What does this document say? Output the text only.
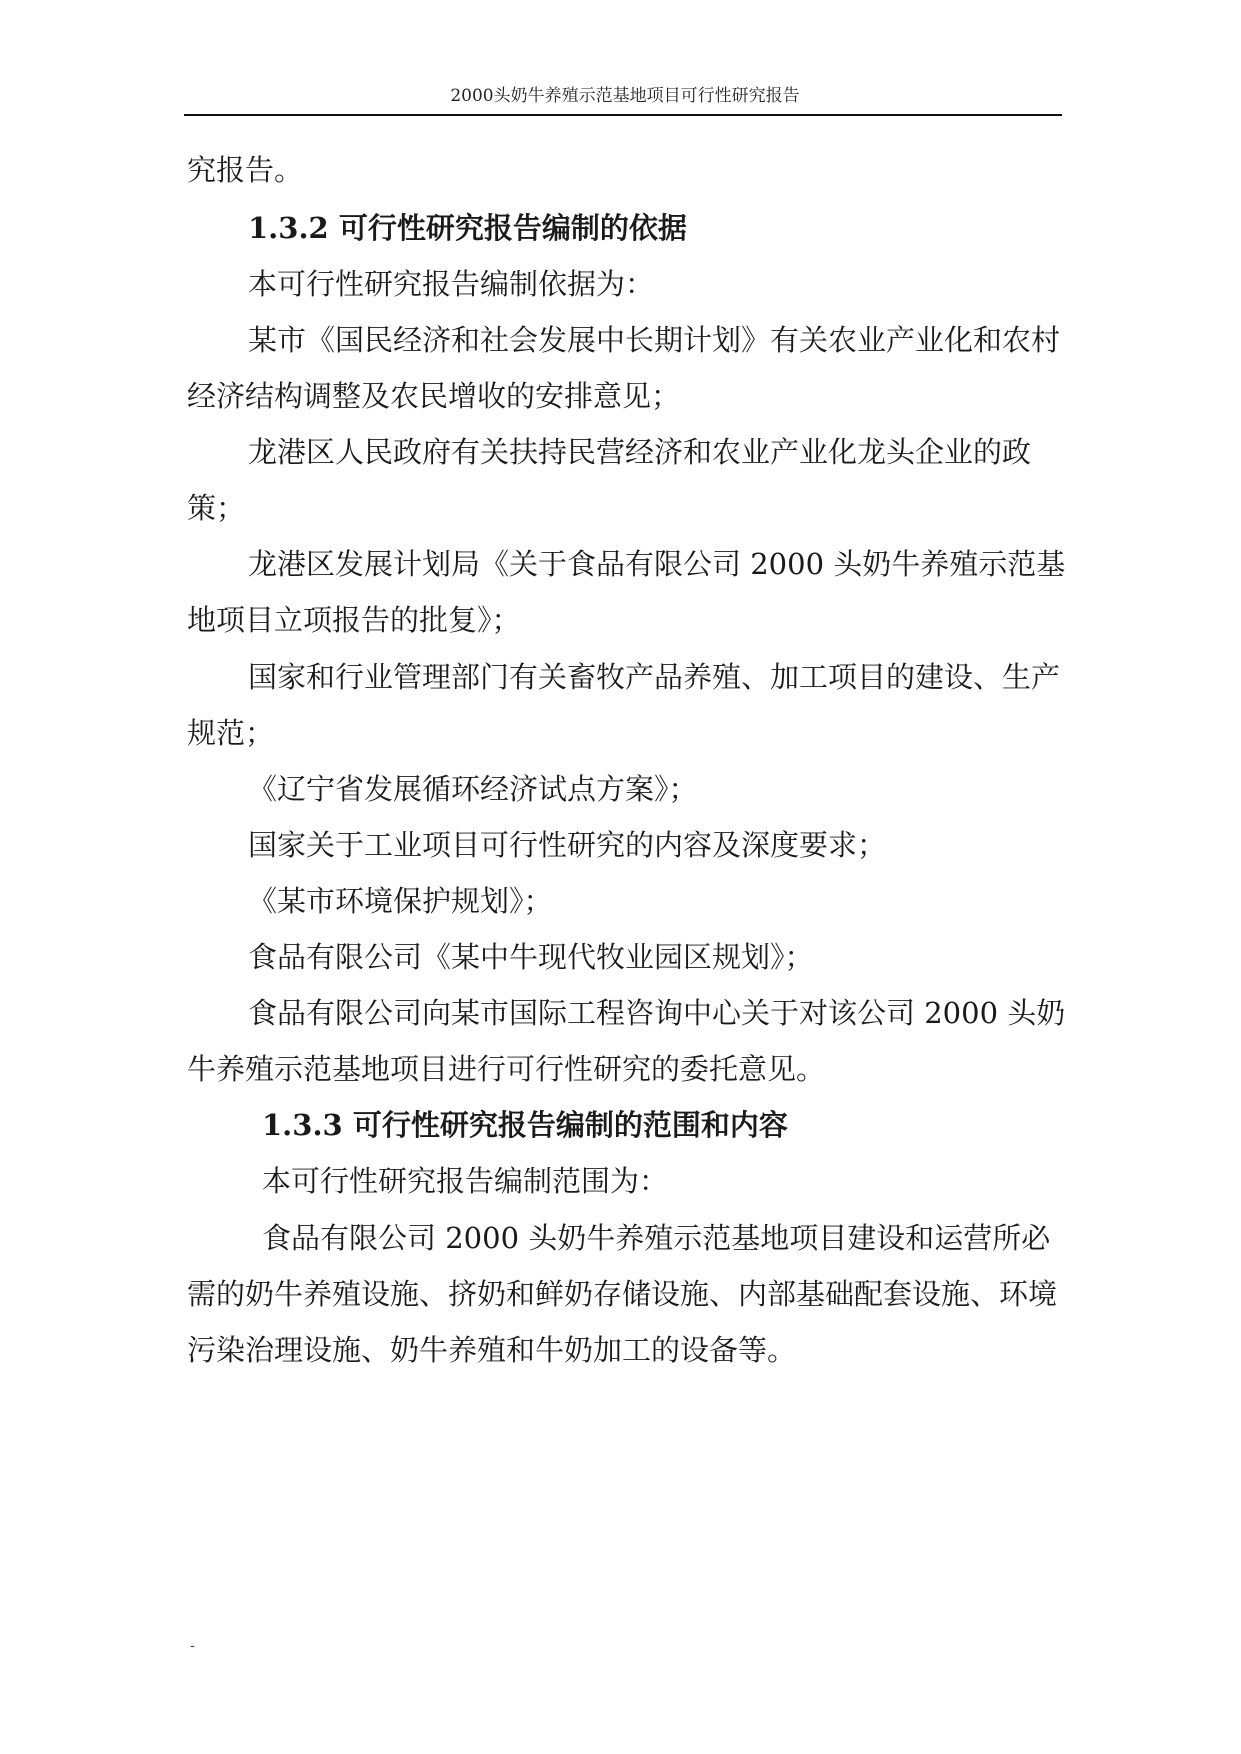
2000头奶牛养殖示范基地项目可行性研究报告
究报告。
1.3.2 可行性研究报告编制的依据
本可行性研究报告编制依据为：
某市《国民经济和社会发展中长期计划》有关农业产业化和农村
经济结构调整及农民增收的安排意见；
龙港区人民政府有关扶持民营经济和农业产业化龙头企业的政
策；
龙港区发展计划局《关于食品有限公司 2000 头奶牛养殖示范基
地项目立项报告的批复》；
国家和行业管理部门有关畜牧产品养殖、加工项目的建设、生产
规范；
《辽宁省发展循环经济试点方案》；
国家关于工业项目可行性研究的内容及深度要求；
《某市环境保护规划》；
食品有限公司《某中牛现代牧业园区规划》；
食品有限公司向某市国际工程咨询中心关于对该公司 2000 头奶
牛养殖示范基地项目进行可行性研究的委托意见。
1.3.3 可行性研究报告编制的范围和内容
本可行性研究报告编制范围为：
食品有限公司 2000 头奶牛养殖示范基地项目建设和运营所必
需的奶牛养殖设施、挤奶和鲜奶存储设施、内部基础配套设施、环境
污染治理设施、奶牛养殖和牛奶加工的设备等。
-
